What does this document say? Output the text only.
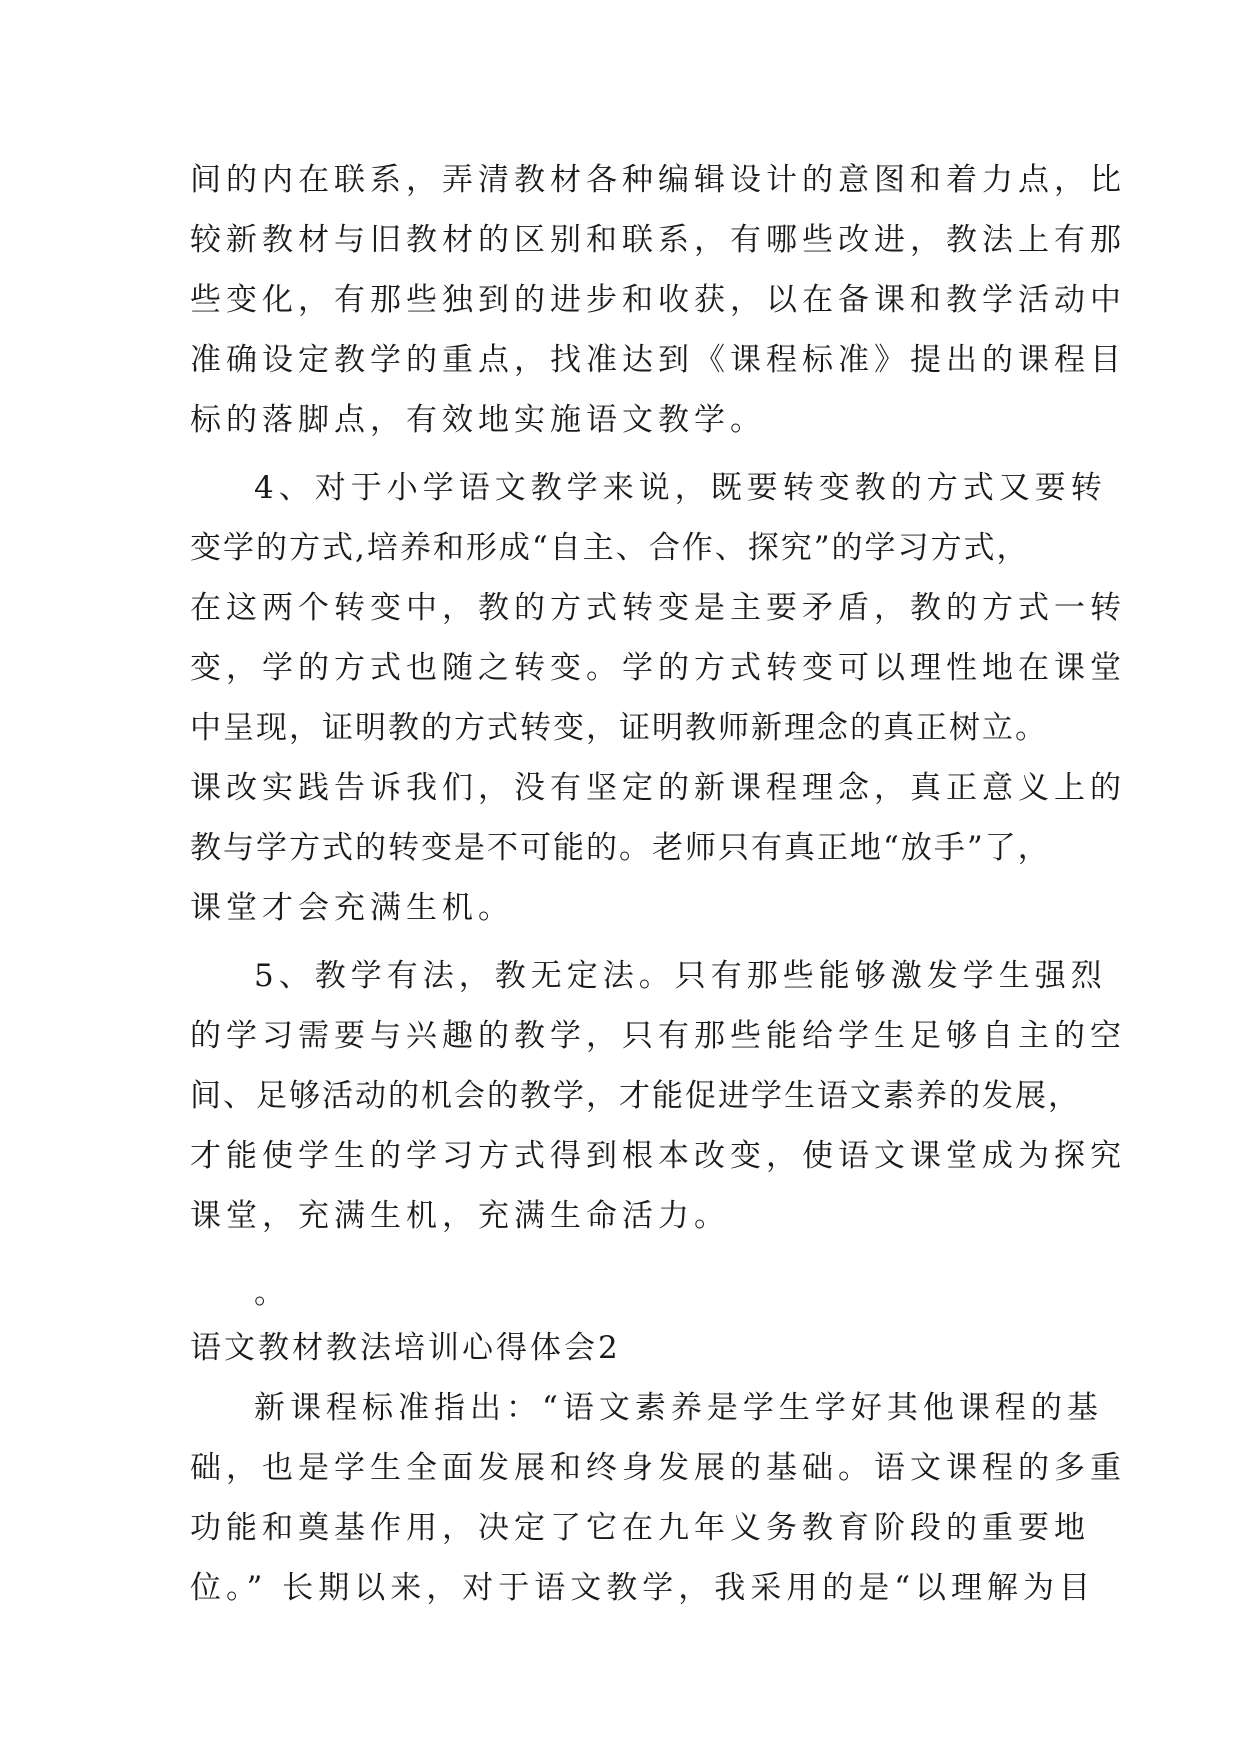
间的内在联系，弄清教材各种编辑设计的意图和着力点，比
较新教材与旧教材的区别和联系，有哪些改进，教法上有那
些变化，有那些独到的进步和收获，以在备课和教学活动中
准确设定教学的重点，找准达到《课程标准》提出的课程目
标的落脚点，有效地实施语文教学。
4、对于小学语文教学来说，既要转变教的方式又要转
变学的方式,培养和形成“自主、合作、探究”的学习方式，
在这两个转变中，教的方式转变是主要矛盾，教的方式一转
变，学的方式也随之转变。学的方式转变可以理性地在课堂
中呈现，证明教的方式转变，证明教师新理念的真正树立。
课改实践告诉我们，没有坚定的新课程理念，真正意义上的
教与学方式的转变是不可能的。老师只有真正地“放手”了，
课堂才会充满生机。
5、教学有法，教无定法。只有那些能够激发学生强烈
的学习需要与兴趣的教学，只有那些能给学生足够自主的空
间、足够活动的机会的教学，才能促进学生语文素养的发展，
才能使学生的学习方式得到根本改变，使语文课堂成为探究
课堂，充满生机，充满生命活力。
。
语文教材教法培训心得体会2
新课程标准指出：“语文素养是学生学好其他课程的基
础，也是学生全面发展和终身发展的基础。语文课程的多重
功能和奠基作用，决定了它在九年义务教育阶段的重要地
位。” 长期以来，对于语文教学，我采用的是“以理解为目
